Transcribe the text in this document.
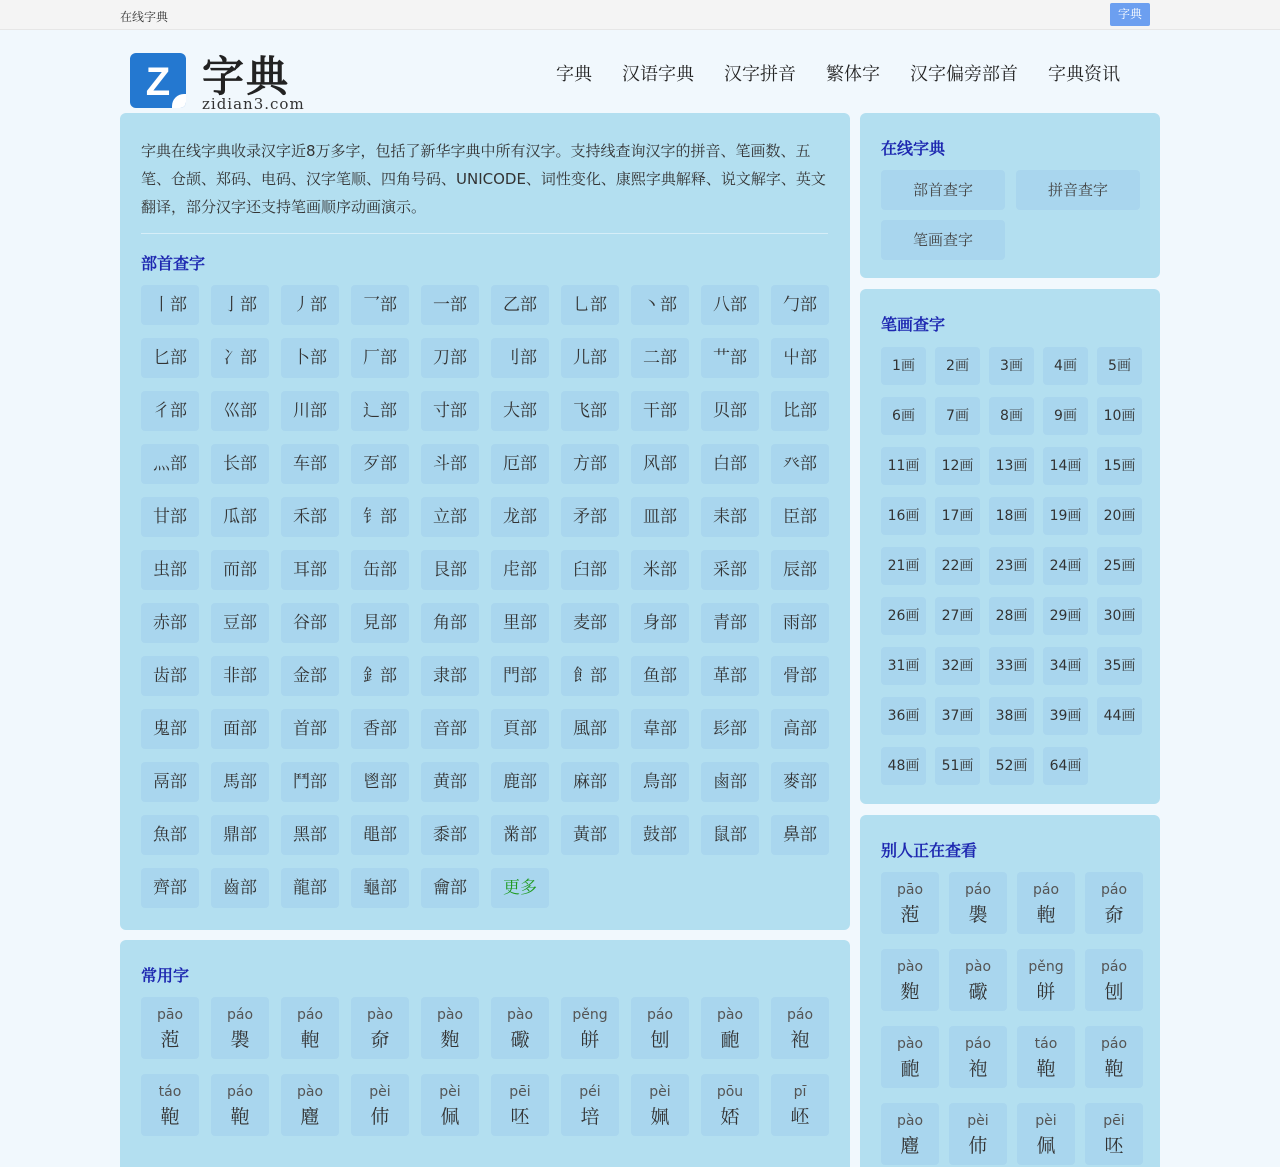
在线字典	字典
Z 字典
zidian3.com
字典 汉语字典 汉字拼音 繁体字 汉字偏旁部首 字典资讯

字典在线字典收录汉字近8万多字，包括了新华字典中所有汉字。支持线查询汉字的拼音、笔画数、五笔、仓颉、郑码、电码、汉字笔顺、四角号码、UNICODE、词性变化、康熙字典解释、说文解字、英文翻译，部分汉字还支持笔画顺序动画演示。

部首查字
丨部	亅部	丿部	乛部	一部	乙部	乚部	丶部	八部	勹部
匕部	冫部	卜部	厂部	刀部	刂部	儿部	二部	艹部	屮部
彳部	巛部	川部	辶部	寸部	大部	飞部	干部	贝部	比部
灬部	长部	车部	歹部	斗部	厄部	方部	风部	白部	癶部
甘部	瓜部	禾部	钅部	立部	龙部	矛部	皿部	耒部	臣部
虫部	而部	耳部	缶部	艮部	虍部	臼部	米部	采部	辰部
赤部	豆部	谷部	見部	角部	里部	麦部	身部	青部	雨部
齿部	非部	金部	釒部	隶部	門部	飠部	鱼部	革部	骨部
鬼部	面部	首部	香部	音部	頁部	風部	韋部	髟部	高部
鬲部	馬部	鬥部	鬯部	黄部	鹿部	麻部	鳥部	鹵部	麥部
魚部	鼎部	黑部	黽部	黍部	黹部	黃部	鼓部	鼠部	鼻部
齊部	齒部	龍部	龜部	龠部	更多
常用字
pāo
萢
páo
褜
páo
軳
pào
奅
pào
麭
pào
礮
pěng
皏
páo
刨
pào
靤
páo
袍
táo
鞄
páo
鞄
pào
麅
pèi
伂
pèi
佩
pēi
呸
péi
培
pèi
姵
pōu
娝
pī
岯
在线字典
部首查字	拼音查字
笔画查字
笔画查字
1画	2画	3画	4画	5画
6画	7画	8画	9画	10画
11画	12画	13画	14画	15画
16画	17画	18画	19画	20画
21画	22画	23画	24画	25画
26画	27画	28画	29画	30画
31画	32画	33画	34画	35画
36画	37画	38画	39画	44画
48画	51画	52画	64画
别人正在查看
pāo
萢
páo
褜
páo
軳
páo
奅
pào
麭
pào
礮
pěng
皏
páo
刨
pào
靤
páo
袍
táo
鞄
páo
鞄
pào
麅
pèi
伂
pèi
佩
pēi
呸
